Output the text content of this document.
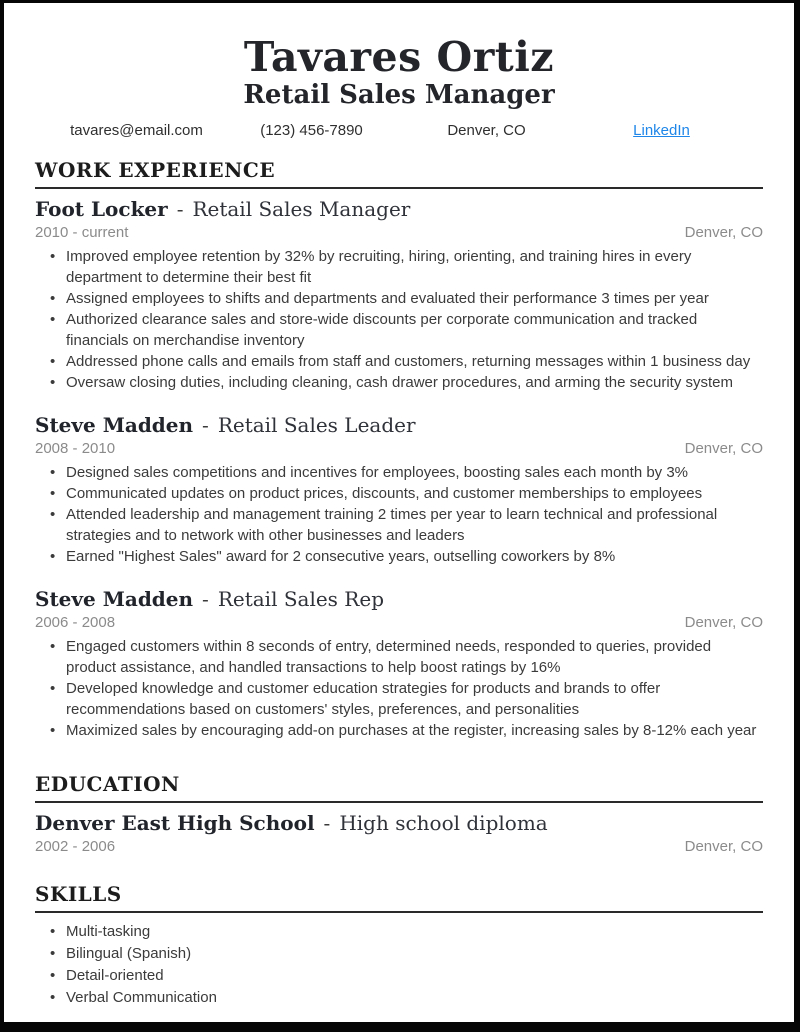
Tavares Ortiz
Retail Sales Manager
tavares@email.com	(123) 456-7890	Denver, CO	LinkedIn
WORK EXPERIENCE
Foot Locker - Retail Sales Manager
2010 - current	Denver, CO
• Improved employee retention by 32% by recruiting, hiring, orienting, and training hires in every department to determine their best fit
• Assigned employees to shifts and departments and evaluated their performance 3 times per year
• Authorized clearance sales and store-wide discounts per corporate communication and tracked financials on merchandise inventory
• Addressed phone calls and emails from staff and customers, returning messages within 1 business day
• Oversaw closing duties, including cleaning, cash drawer procedures, and arming the security system
Steve Madden - Retail Sales Leader
2008 - 2010	Denver, CO
• Designed sales competitions and incentives for employees, boosting sales each month by 3%
• Communicated updates on product prices, discounts, and customer memberships to employees
• Attended leadership and management training 2 times per year to learn technical and professional strategies and to network with other businesses and leaders
• Earned "Highest Sales" award for 2 consecutive years, outselling coworkers by 8%
Steve Madden - Retail Sales Rep
2006 - 2008	Denver, CO
• Engaged customers within 8 seconds of entry, determined needs, responded to queries, provided product assistance, and handled transactions to help boost ratings by 16%
• Developed knowledge and customer education strategies for products and brands to offer recommendations based on customers' styles, preferences, and personalities
• Maximized sales by encouraging add-on purchases at the register, increasing sales by 8-12% each year
EDUCATION
Denver East High School - High school diploma
2002 - 2006	Denver, CO
SKILLS
• Multi-tasking
• Bilingual (Spanish)
• Detail-oriented
• Verbal Communication
